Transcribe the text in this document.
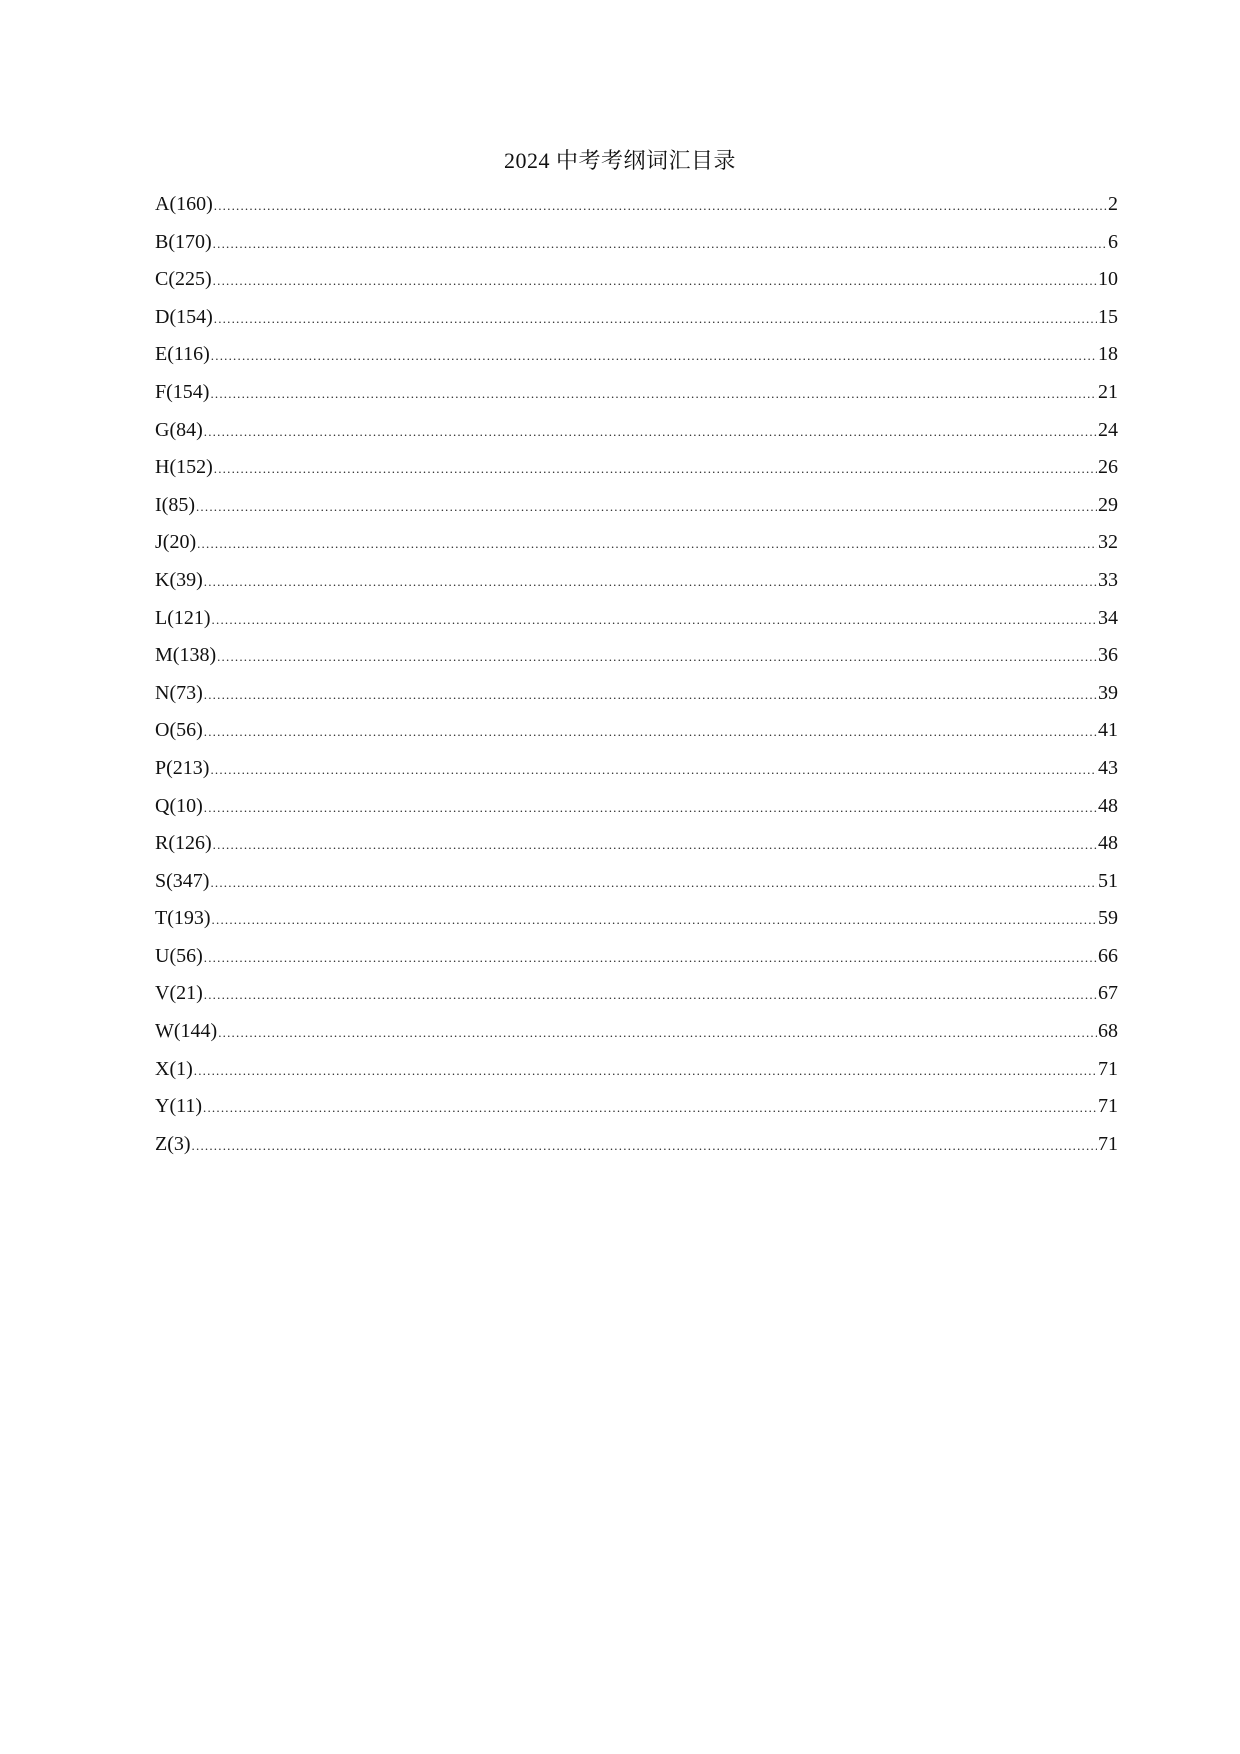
2024 中考考纲词汇目录
A(160) .....	2
B(170) .....	6
C(225) .....	10
D(154) .....	15
E(116) .....	18
F(154) .....	21
G(84) .....	24
H(152) .....	26
I(85) .....	29
J(20) .....	32
K(39) .....	33
L(121) .....	34
M(138) .....	36
N(73) .....	39
O(56) .....	41
P(213) .....	43
Q(10) .....	48
R(126) .....	48
S(347) .....	51
T(193) .....	59
U(56) .....	66
V(21) .....	67
W(144) .....	68
X(1) .....	71
Y(11) .....	71
Z(3) .....	71
